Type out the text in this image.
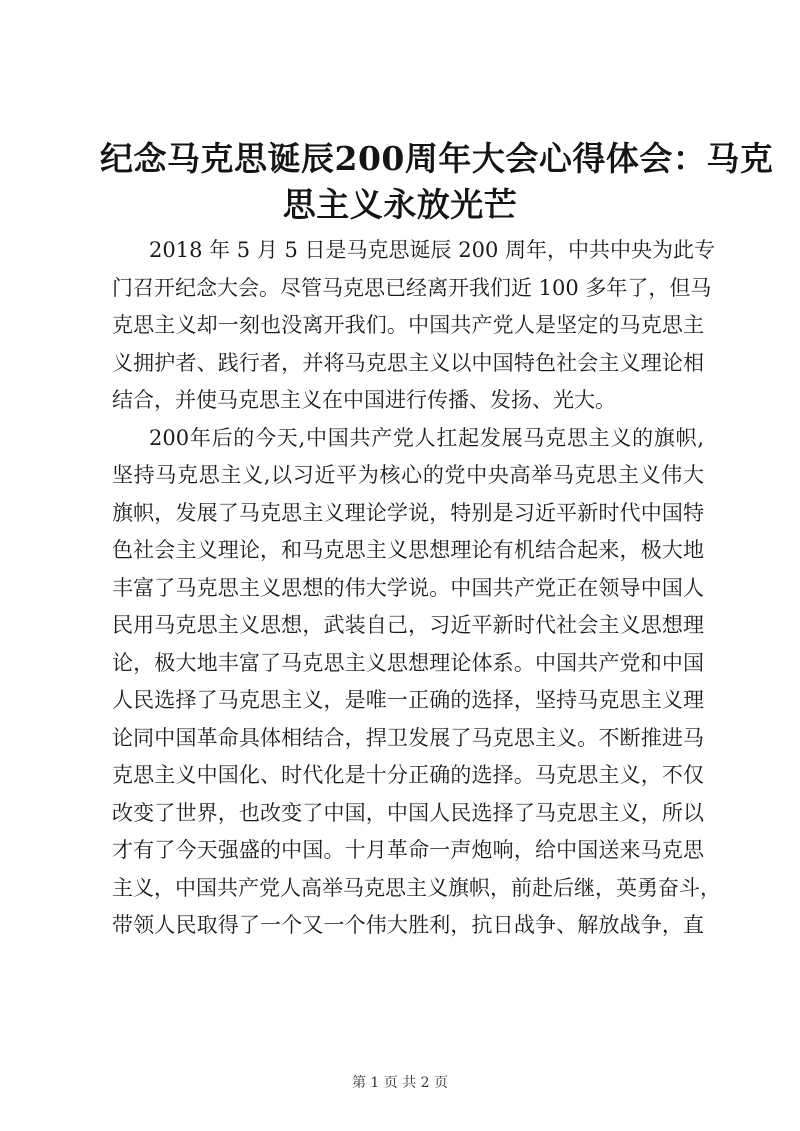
纪念马克思诞辰200周年大会心得体会：马克
思主义永放光芒
2018 年 5 月 5 日是马克思诞辰 200 周年，中共中央为此专
门召开纪念大会。尽管马克思已经离开我们近 100 多年了，但马
克思主义却一刻也没离开我们。中国共产党人是坚定的马克思主
义拥护者、践行者，并将马克思主义以中国特色社会主义理论相
结合，并使马克思主义在中国进行传播、发扬、光大。
200年后的今天,中国共产党人扛起发展马克思主义的旗帜,
坚持马克思主义,以习近平为核心的党中央高举马克思主义伟大
旗帜，发展了马克思主义理论学说，特别是习近平新时代中国特
色社会主义理论，和马克思主义思想理论有机结合起来，极大地
丰富了马克思主义思想的伟大学说。中国共产党正在领导中国人
民用马克思主义思想，武装自己，习近平新时代社会主义思想理
论，极大地丰富了马克思主义思想理论体系。中国共产党和中国
人民选择了马克思主义，是唯一正确的选择，坚持马克思主义理
论同中国革命具体相结合，捍卫发展了马克思主义。不断推进马
克思主义中国化、时代化是十分正确的选择。马克思主义，不仅
改变了世界，也改变了中国，中国人民选择了马克思主义，所以
才有了今天强盛的中国。十月革命一声炮响，给中国送来马克思
主义，中国共产党人高举马克思主义旗帜，前赴后继，英勇奋斗，
带领人民取得了一个又一个伟大胜利，抗日战争、解放战争，直
第 1 页 共 2 页
